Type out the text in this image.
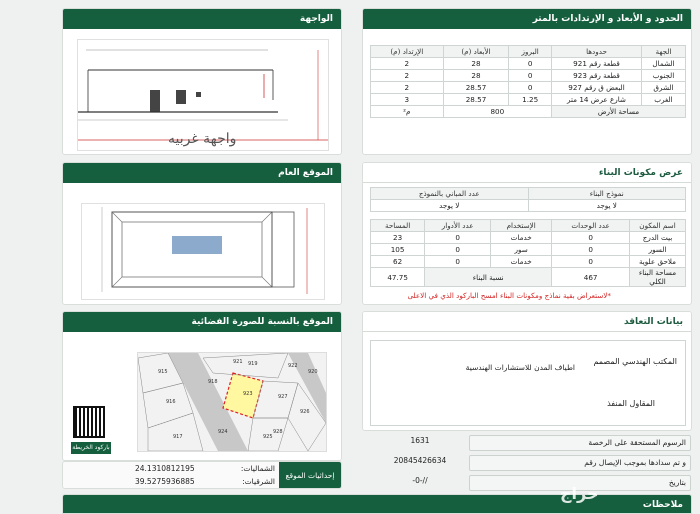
الحدود و الأبعاد و الإرتدادات بالمتر
الجهة	حدودها	البروز	الأبعاد (م)	الإرتداد (م)
الشمال	قطعة رقم 921	0	28	2
الجنوب	قطعة رقم 923	0	28	2
الشرق	البعض ق رقم 927	0	28.57	2
الغرب	شارع عرض 14 متر	1.25	28.57	3
مساحة الأرض		800		م²
الواجهة
واجهة غربيه
الموقع العام	عرض مكونات البناء
نموذج البناء	عدد المباني بالنموذج
لا يوجد	لا يوجد
اسم المكون	عدد الوحدات	الإستخدام	عدد الأدوار	المساحة
بيت الدرج	0	خدمات	0	23
السور	0	سور	0	105
ملاحق علوية	0	خدمات	0	62
مساحة البناء الكلي	467	نسبة البناء		47.75
*لاستعراض بقية نماذج ومكونات البناء امسح الباركود الذي في الاعلى
الموقع بالنسبة للصورة الفضائية
923
921
922
927
928
915
916
917
918
919
920
926
925
924
باركود الخريطة
إحداثيات الموقع
الشماليات:
24.1310812195
الشرقيات:
39.5275936885
بيانات التعاقد
المكتب الهندسي المصمم
اطياف المدن للاستشارات الهندسية
المقاول المنفذ
الرسوم المستحقة على الرخصة
1631
و تم سدادها بموجب الإيصال رقم
20845426634
بتاريخ
-0-//
ملاحظات
حراج
